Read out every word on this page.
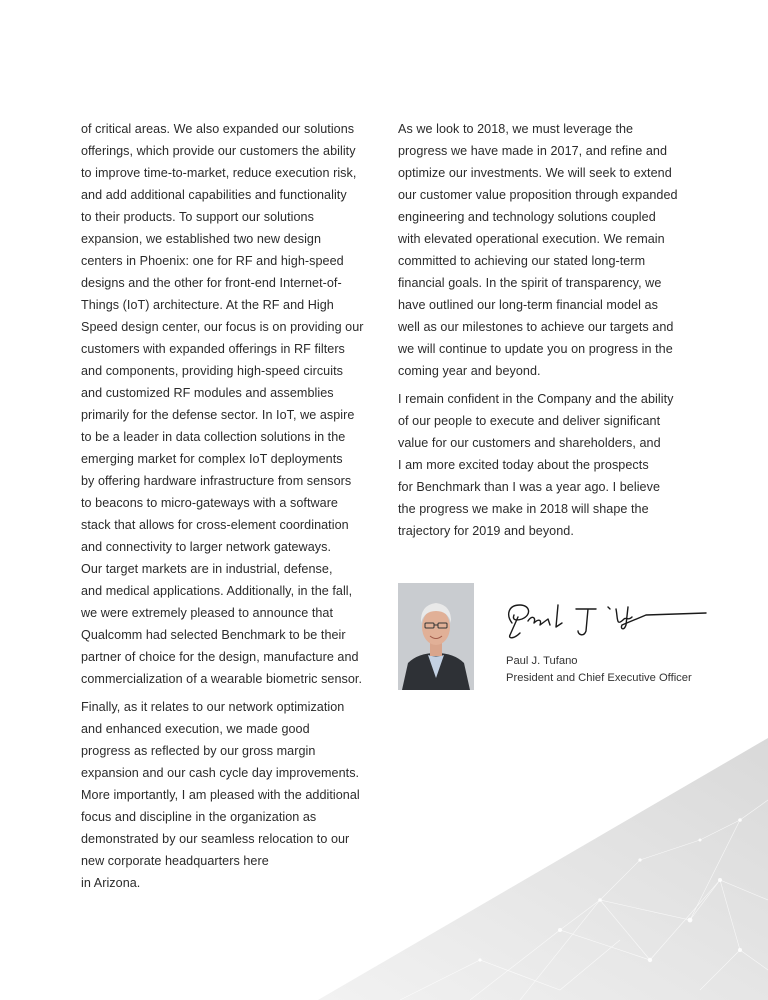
of critical areas. We also expanded our solutions
offerings, which provide our customers the ability
to improve time-to-market, reduce execution risk,
and add additional capabilities and functionality
to their products. To support our solutions
expansion, we established two new design
centers in Phoenix: one for RF and high-speed
designs and the other for front-end Internet-of-
Things (IoT) architecture. At the RF and High
Speed design center, our focus is on providing our
customers with expanded offerings in RF filters
and components, providing high-speed circuits
and customized RF modules and assemblies
primarily for the defense sector. In IoT, we aspire
to be a leader in data collection solutions in the
emerging market for complex IoT deployments
by offering hardware infrastructure from sensors
to beacons to micro-gateways with a software
stack that allows for cross-element coordination
and connectivity to larger network gateways.
Our target markets are in industrial, defense,
and medical applications. Additionally, in the fall,
we were extremely pleased to announce that
Qualcomm had selected Benchmark to be their
partner of choice for the design, manufacture and
commercialization of a wearable biometric sensor.
Finally, as it relates to our network optimization
and enhanced execution, we made good
progress as reflected by our gross margin
expansion and our cash cycle day improvements.
More importantly, I am pleased with the additional
focus and discipline in the organization as
demonstrated by our seamless relocation to our
new corporate headquarters here
in Arizona.
As we look to 2018, we must leverage the
progress we have made in 2017, and refine and
optimize our investments. We will seek to extend
our customer value proposition through expanded
engineering and technology solutions coupled
with elevated operational execution. We remain
committed to achieving our stated long-term
financial goals. In the spirit of transparency, we
have outlined our long-term financial model as
well as our milestones to achieve our targets and
we will continue to update you on progress in the
coming year and beyond.
I remain confident in the Company and the ability
of our people to execute and deliver significant
value for our customers and shareholders, and
I am more excited today about the prospects
for Benchmark than I was a year ago. I believe
the progress we make in 2018 will shape the
trajectory for 2019 and beyond.
Paul J. Tufano
President and Chief Executive Officer
